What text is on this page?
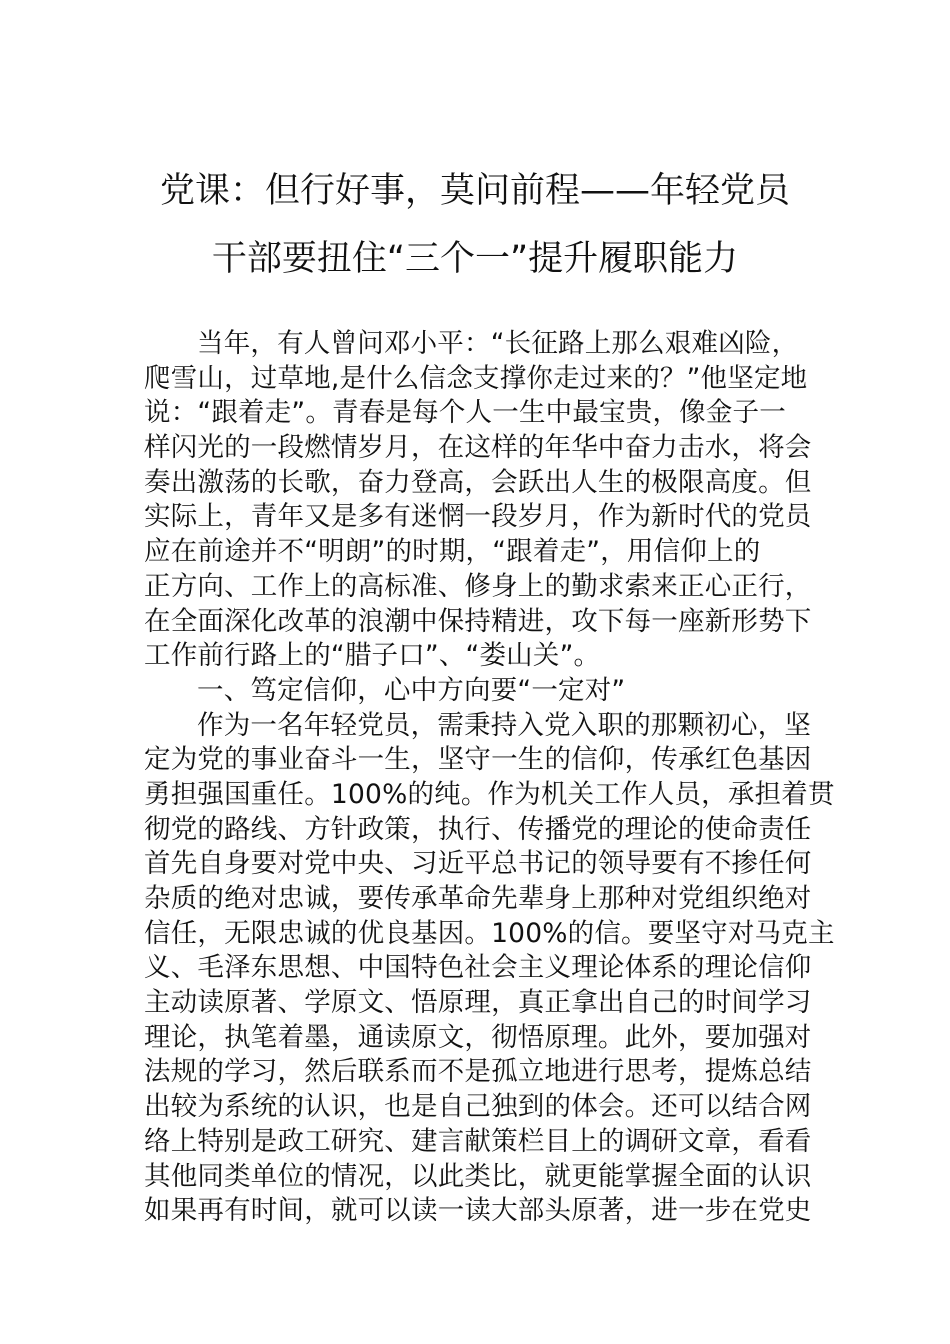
党课：但行好事，莫问前程——年轻党员
干部要扭住“三个一”提升履职能力
当年，有人曾问邓小平：“长征路上那么艰难凶险，
爬雪山，过草地,是什么信念支撑你走过来的？”他坚定地
说：“跟着走”。青春是每个人一生中最宝贵，像金子一
样闪光的一段燃情岁月，在这样的年华中奋力击水，将会
奏出激荡的长歌，奋力登高，会跃出人生的极限高度。但
实际上，青年又是多有迷惘一段岁月，作为新时代的党员
应在前途并不“明朗”的时期，“跟着走”，用信仰上的
正方向、工作上的高标准、修身上的勤求索来正心正行，
在全面深化改革的浪潮中保持精进，攻下每一座新形势下
工作前行路上的“腊子口”、“娄山关”。
一、笃定信仰，心中方向要“一定对”
作为一名年轻党员，需秉持入党入职的那颗初心，坚
定为党的事业奋斗一生，坚守一生的信仰，传承红色基因
勇担强国重任。100%的纯。作为机关工作人员，承担着贯
彻党的路线、方针政策，执行、传播党的理论的使命责任
首先自身要对党中央、习近平总书记的领导要有不掺任何
杂质的绝对忠诚，要传承革命先辈身上那种对党组织绝对
信任，无限忠诚的优良基因。100%的信。要坚守对马克主
义、毛泽东思想、中国特色社会主义理论体系的理论信仰
主动读原著、学原文、悟原理，真正拿出自己的时间学习
理论，执笔着墨，通读原文，彻悟原理。此外，要加强对
法规的学习，然后联系而不是孤立地进行思考，提炼总结
出较为系统的认识，也是自己独到的体会。还可以结合网
络上特别是政工研究、建言献策栏目上的调研文章，看看
其他同类单位的情况，以此类比，就更能掌握全面的认识
如果再有时间，就可以读一读大部头原著，进一步在党史
